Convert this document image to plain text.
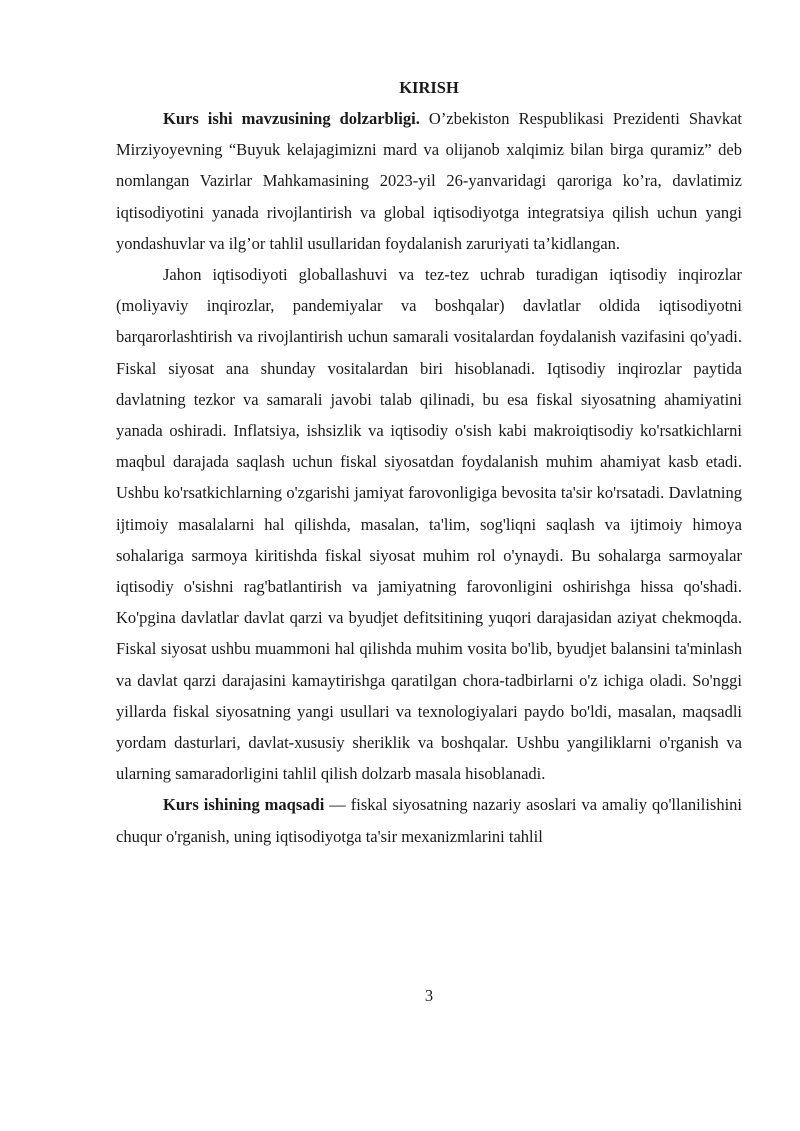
KIRISH

Kurs ishi mavzusining dolzarbligi. O’zbekiston Respublikasi Prezidenti Shavkat Mirziyoyevning “Buyuk kelajagimizni mard va olijanob xalqimiz bilan birga quramiz” deb nomlangan Vazirlar Mahkamasining 2023-yil 26-yanvaridagi qaroriga ko’ra, davlatimiz iqtisodiyotini yanada rivojlantirish va global iqtisodiyotga integratsiya qilish uchun yangi yondashuvlar va ilg’or tahlil usullaridan foydalanish zaruriyati ta’kidlangan.

Jahon iqtisodiyoti globallashuvi va tez-tez uchrab turadigan iqtisodiy inqirozlar (moliyaviy inqirozlar, pandemiyalar va boshqalar) davlatlar oldida iqtisodiyotni barqarorlashtirish va rivojlantirish uchun samarali vositalardan foydalanish vazifasini qo'yadi. Fiskal siyosat ana shunday vositalardan biri hisoblanadi. Iqtisodiy inqirozlar paytida davlatning tezkor va samarali javobi talab qilinadi, bu esa fiskal siyosatning ahamiyatini yanada oshiradi. Inflatsiya, ishsizlik va iqtisodiy o'sish kabi makroiqtisodiy ko'rsatkichlarni maqbul darajada saqlash uchun fiskal siyosatdan foydalanish muhim ahamiyat kasb etadi. Ushbu ko'rsatkichlarning o'zgarishi jamiyat farovonligiga bevosita ta'sir ko'rsatadi. Davlatning ijtimoiy masalalarni hal qilishda, masalan, ta'lim, sog'liqni saqlash va ijtimoiy himoya sohalariga sarmoya kiritishda fiskal siyosat muhim rol o'ynaydi. Bu sohalarga sarmoyalar iqtisodiy o'sishni rag'batlantirish va jamiyatning farovonligini oshirishga hissa qo'shadi. Ko'pgina davlatlar davlat qarzi va byudjet defitsitining yuqori darajasidan aziyat chekmoqda. Fiskal siyosat ushbu muammoni hal qilishda muhim vosita bo'lib, byudjet balansini ta'minlash va davlat qarzi darajasini kamaytirishga qaratilgan chora-tadbirlarni o'z ichiga oladi. So'nggi yillarda fiskal siyosatning yangi usullari va texnologiyalari paydo bo'ldi, masalan, maqsadli yordam dasturlari, davlat-xususiy sheriklik va boshqalar. Ushbu yangiliklarni o'rganish va ularning samaradorligini tahlil qilish dolzarb masala hisoblanadi.

Kurs ishining maqsadi — fiskal siyosatning nazariy asoslari va amaliy qo'llanilishini chuqur o'rganish, uning iqtisodiyotga ta'sir mexanizmlarini tahlil

3
